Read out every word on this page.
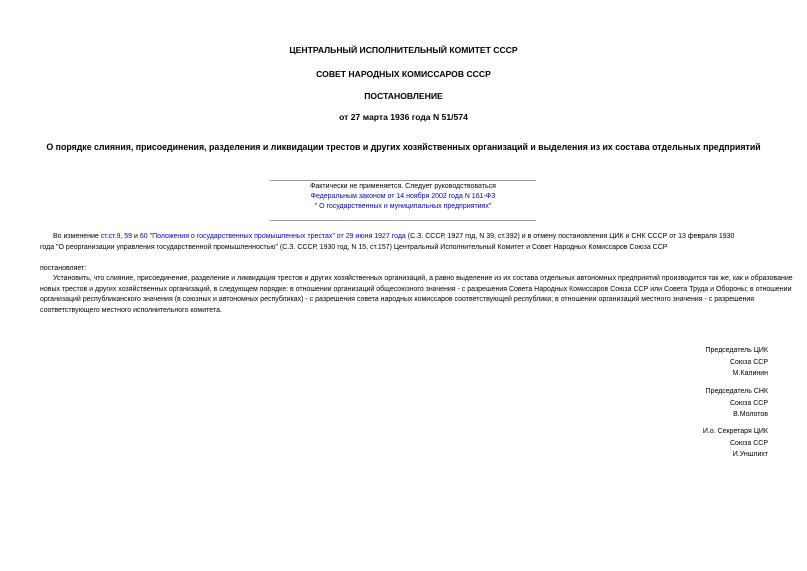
ЦЕНТРАЛЬНЫЙ ИСПОЛНИТЕЛЬНЫЙ КОМИТЕТ СССР
СОВЕТ НАРОДНЫХ КОМИССАРОВ СССР
ПОСТАНОВЛЕНИЕ
от 27 марта 1936 года N 51/574
О порядке слияния, присоединения, разделения и ликвидации трестов и других хозяйственных организаций и выделения из их состава отдельных предприятий
Фактически не применяется. Следует руководствоваться
Федеральным законом от 14 ноября 2002 года N 161-ФЗ
" О государственных и муниципальных предприятиях"
Во изменение ст.ст.9, 59 и 60 "Положения о государственных промышленных трестах" от 29 июня 1927 года (С.З. СССР, 1927 год, N 39, ст.392) и в отмену постановления ЦИК и СНК СССР от 13 февраля 1930
года "О реорганизации управления государственной промышленностью" (С.З. СССР, 1930 год, N 15, ст.157) Центральный Исполнительный Комитет и Совет Народных Комиссаров Союза ССР
постановляет:

Установить, что слияние, присоединение, разделение и ликвидация трестов и других хозяйственных организаций, а равно выделение из их состава отдельных автономных предприятий производится так же, как и образование новых трестов и других хозяйственных организаций, в следующем порядке: в отношении организаций общесоюзного значения - с разрешения Совета Народных Комиссаров Союза ССР или Совета Труда и Обороны; в отношении организаций республиканского значения (в союзных и автономных республиках) - с разрешения совета народных комиссаров соответствующей республики; в отношении организаций местного значения - с разрешения соответствующего местного исполнительного комитета.

Председатель ЦИК
Союза ССР
М.Калинин
Председатель СНК
Союза ССР
В.Молотов
И.о. Секретаря ЦИК
Союза ССР
И.Уншлихт
